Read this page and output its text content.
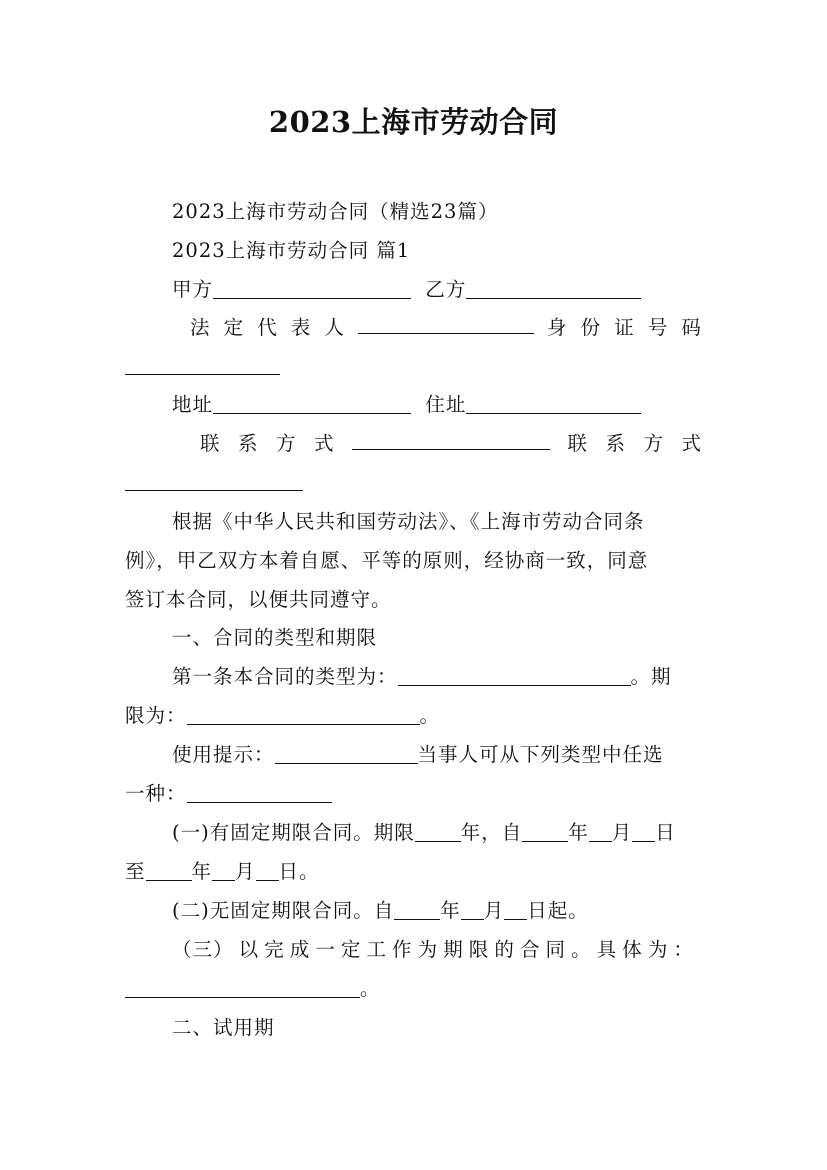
2023上海市劳动合同
2023上海市劳动合同（精选23篇）
2023上海市劳动合同 篇1
甲方	乙方
法 定 代 表 人	身 份 证 号 码
地址	住址
联 系 方 式	联 系 方 式
根据《中华人民共和国劳动法》、《上海市劳动合同条
例》，甲乙双方本着自愿、平等的原则，经协商一致，同意
签订本合同，以便共同遵守。
一、合同的类型和期限
第一条本合同的类型为：	。期
限为：	。
使用提示：	当事人可从下列类型中任选
一种：
(一)有固定期限合同。期限 年，自 年 月 日
至 年 月 日。
(二)无固定期限合同。自 年 月 日起。
（三） 以 完 成 一 定 工 作 为 期 限 的 合 同 。 具 体 为 ：
。
二、试用期
